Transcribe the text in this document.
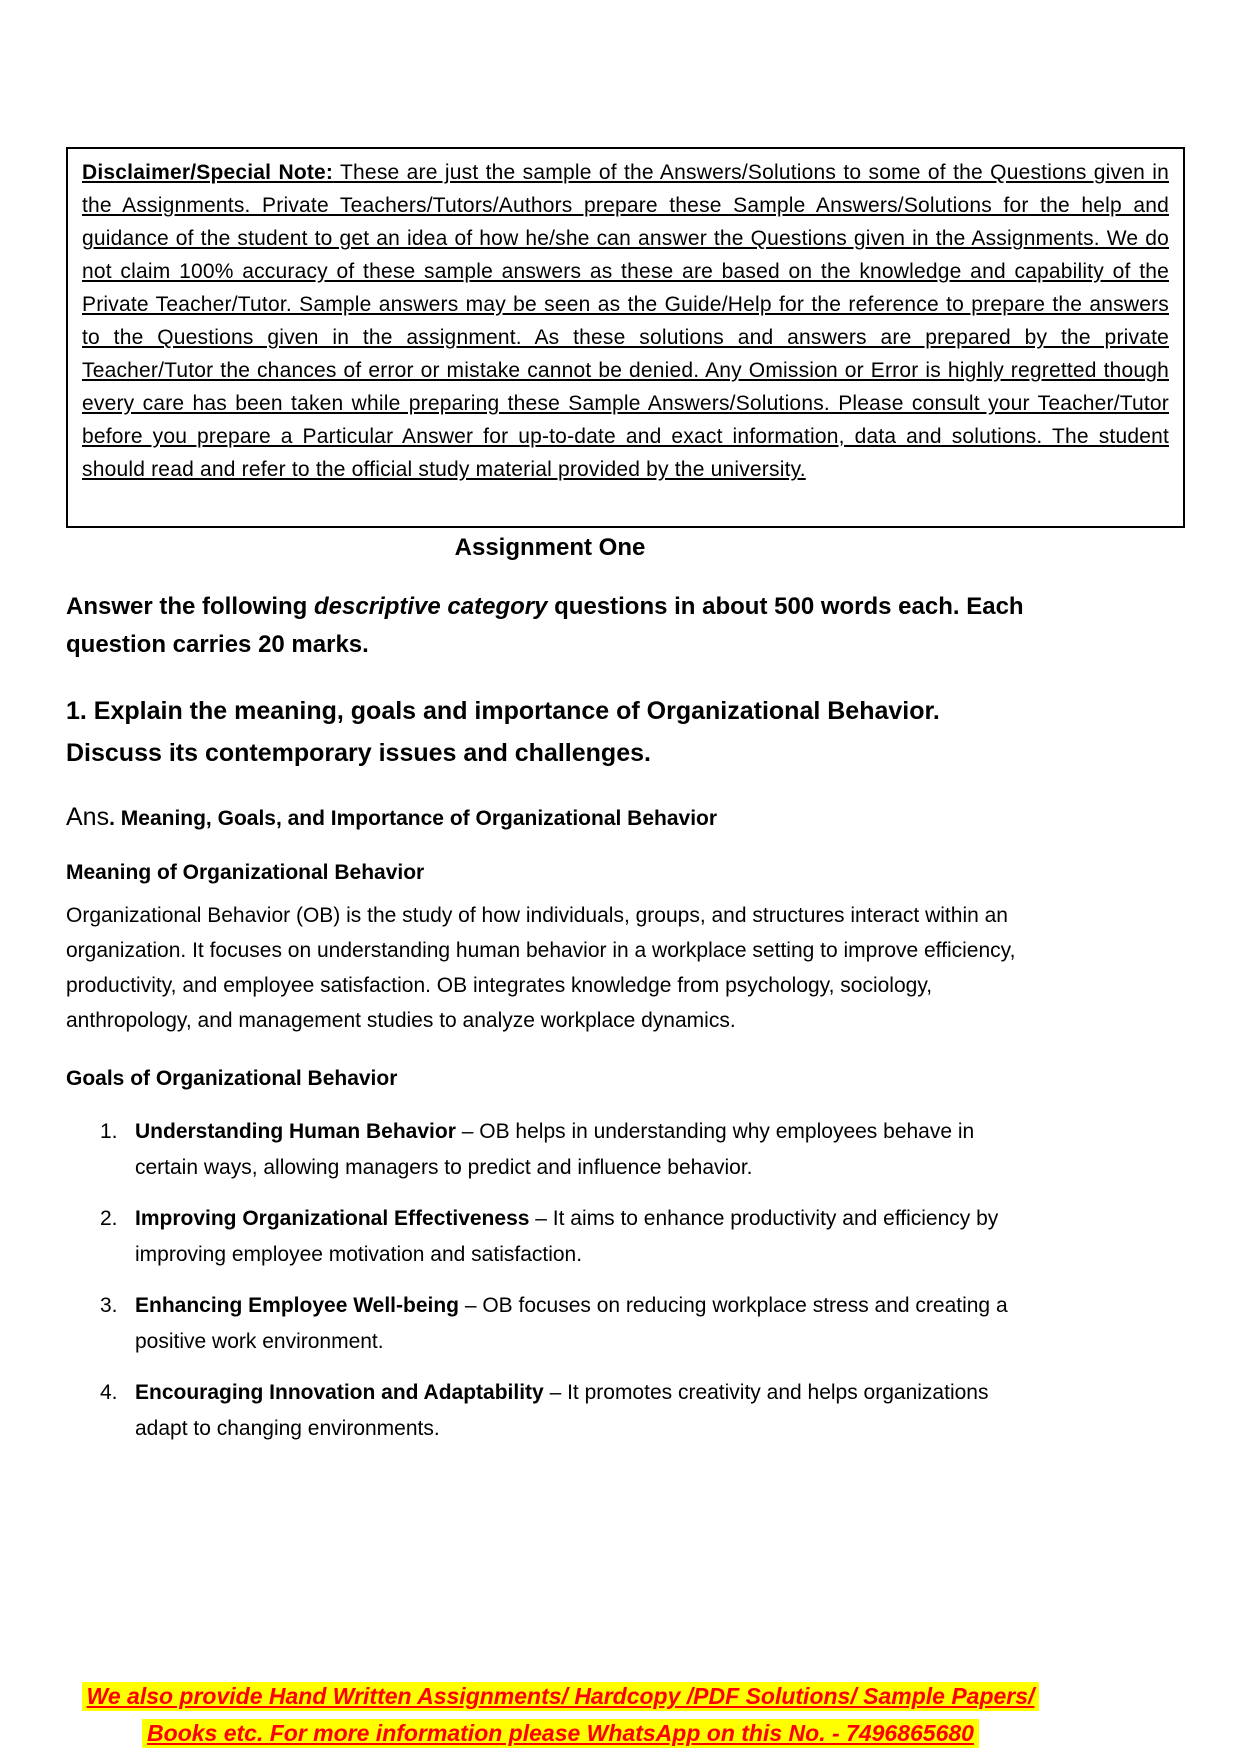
Disclaimer/Special Note: These are just the sample of the Answers/Solutions to some of the Questions given in the Assignments. Private Teachers/Tutors/Authors prepare these Sample Answers/Solutions for the help and guidance of the student to get an idea of how he/she can answer the Questions given in the Assignments. We do not claim 100% accuracy of these sample answers as these are based on the knowledge and capability of the Private Teacher/Tutor. Sample answers may be seen as the Guide/Help for the reference to prepare the answers to the Questions given in the assignment. As these solutions and answers are prepared by the private Teacher/Tutor the chances of error or mistake cannot be denied. Any Omission or Error is highly regretted though every care has been taken while preparing these Sample Answers/Solutions. Please consult your Teacher/Tutor before you prepare a Particular Answer for up-to-date and exact information, data and solutions. The student should read and refer to the official study material provided by the university.
Assignment One
Answer the following descriptive category questions in about 500 words each. Each question carries 20 marks.
1. Explain the meaning, goals and importance of Organizational Behavior. Discuss its contemporary issues and challenges.
Ans. Meaning, Goals, and Importance of Organizational Behavior
Meaning of Organizational Behavior
Organizational Behavior (OB) is the study of how individuals, groups, and structures interact within an organization. It focuses on understanding human behavior in a workplace setting to improve efficiency, productivity, and employee satisfaction. OB integrates knowledge from psychology, sociology, anthropology, and management studies to analyze workplace dynamics.
Goals of Organizational Behavior
1. Understanding Human Behavior – OB helps in understanding why employees behave in certain ways, allowing managers to predict and influence behavior.
2. Improving Organizational Effectiveness – It aims to enhance productivity and efficiency by improving employee motivation and satisfaction.
3. Enhancing Employee Well-being – OB focuses on reducing workplace stress and creating a positive work environment.
4. Encouraging Innovation and Adaptability – It promotes creativity and helps organizations adapt to changing environments.
We also provide Hand Written Assignments/ Hardcopy /PDF Solutions/ Sample Papers/
Books etc. For more information please WhatsApp on this No. - 7496865680
